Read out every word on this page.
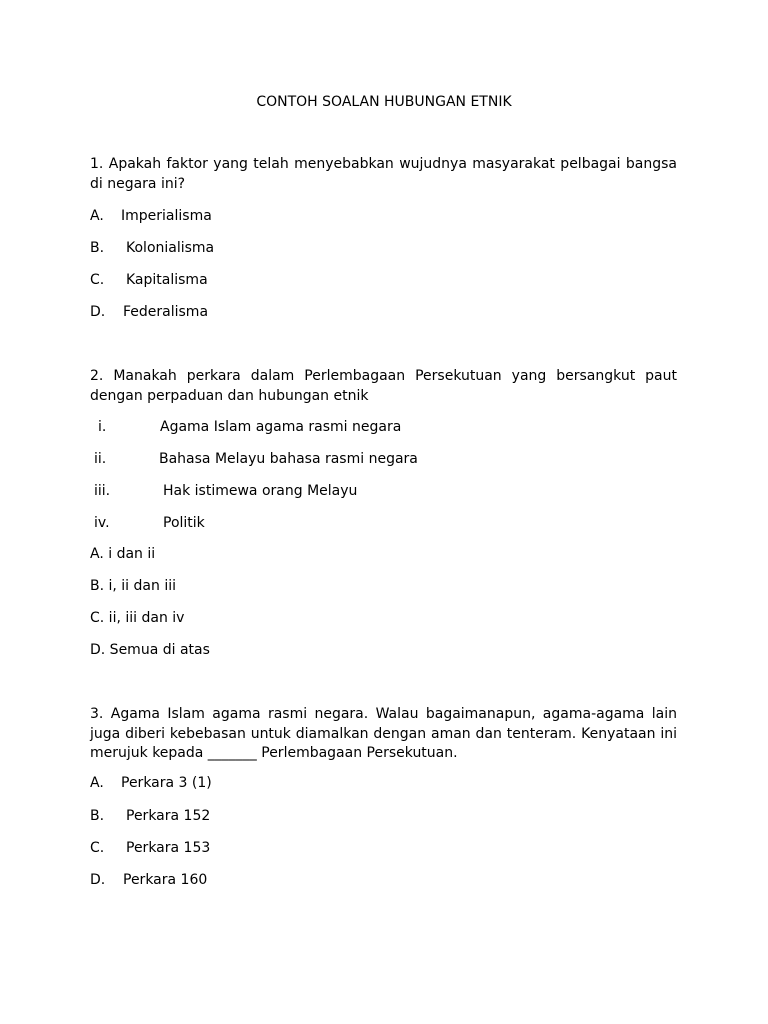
CONTOH SOALAN HUBUNGAN ETNIK
1. Apakah faktor yang telah menyebabkan wujudnya masyarakat pelbagai bangsa di negara ini?
A. Imperialisma
B. Kolonialisma
C. Kapitalisma
D. Federalisma
2. Manakah perkara dalam Perlembagaan Persekutuan yang bersangkut paut dengan perpaduan dan hubungan etnik
i.	Agama Islam agama rasmi negara
ii.	Bahasa Melayu bahasa rasmi negara
iii.	Hak istimewa orang Melayu
iv.	Politik
A. i dan ii
B. i, ii dan iii
C. ii, iii dan iv
D. Semua di atas
3. Agama Islam agama rasmi negara. Walau bagaimanapun, agama-agama lain juga diberi kebebasan untuk diamalkan dengan aman dan tenteram. Kenyataan ini merujuk kepada _______ Perlembagaan Persekutuan.
A. Perkara 3 (1)
B. Perkara 152
C. Perkara 153
D. Perkara 160
